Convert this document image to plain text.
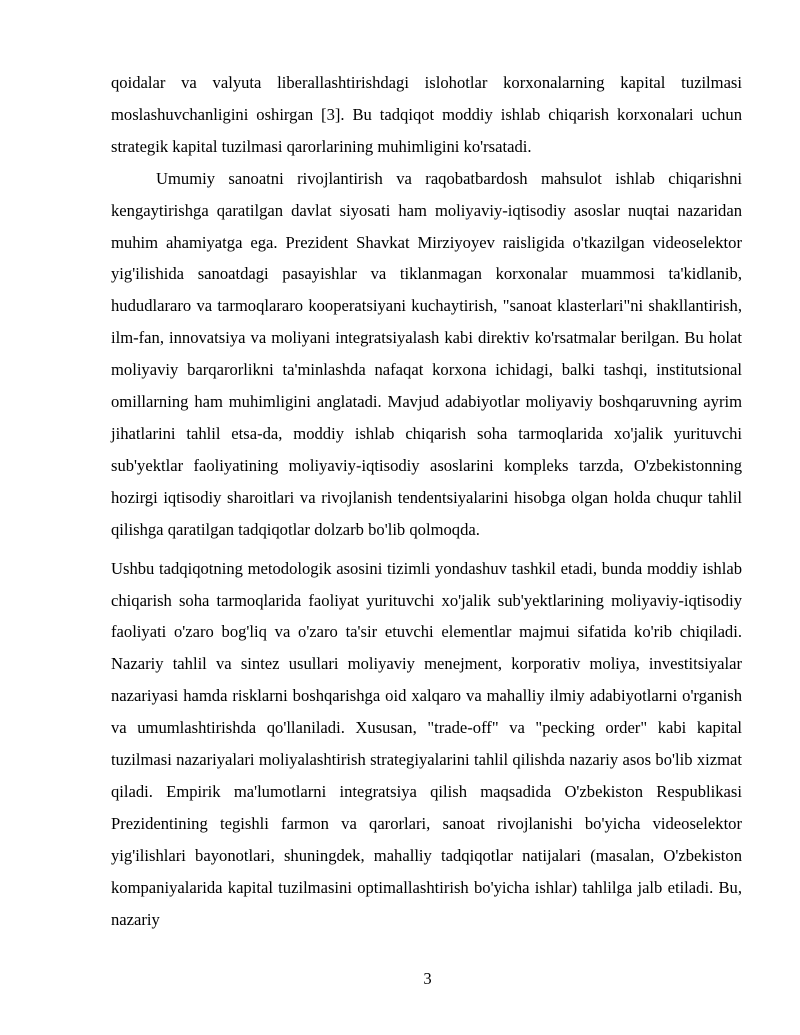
qoidalar va valyuta liberallashtirishdagi islohotlar korxonalarning kapital tuzilmasi moslashuvchanligini oshirgan [3]. Bu tadqiqot moddiy ishlab chiqarish korxonalari uchun strategik kapital tuzilmasi qarorlarining muhimligini ko'rsatadi.

Umumiy sanoatni rivojlantirish va raqobatbardosh mahsulot ishlab chiqarishni kengaytirishga qaratilgan davlat siyosati ham moliyaviy-iqtisodiy asoslar nuqtai nazaridan muhim ahamiyatga ega. Prezident Shavkat Mirziyoyev raisligida o'tkazilgan videoselektor yig'ilishida sanoatdagi pasayishlar va tiklanmagan korxonalar muammosi ta'kidlanib, hududlararo va tarmoqlararo kooperatsiyani kuchaytirish, "sanoat klasterlari"ni shakllantirish, ilm-fan, innovatsiya va moliyani integratsiyalash kabi direktiv ko'rsatmalar berilgan. Bu holat moliyaviy barqarorlikni ta'minlashda nafaqat korxona ichidagi, balki tashqi, institutsional omillarning ham muhimligini anglatadi. Mavjud adabiyotlar moliyaviy boshqaruvning ayrim jihatlarini tahlil etsa-da, moddiy ishlab chiqarish soha tarmoqlarida xo'jalik yurituvchi sub'yektlar faoliyatining moliyaviy-iqtisodiy asoslarini kompleks tarzda, O'zbekistonning hozirgi iqtisodiy sharoitlari va rivojlanish tendentsiyalarini hisobga olgan holda chuqur tahlil qilishga qaratilgan tadqiqotlar dolzarb bo'lib qolmoqda.

Ushbu tadqiqotning metodologik asosini tizimli yondashuv tashkil etadi, bunda moddiy ishlab chiqarish soha tarmoqlarida faoliyat yurituvchi xo'jalik sub'yektlarining moliyaviy-iqtisodiy faoliyati o'zaro bog'liq va o'zaro ta'sir etuvchi elementlar majmui sifatida ko'rib chiqiladi. Nazariy tahlil va sintez usullari moliyaviy menejment, korporativ moliya, investitsiyalar nazariyasi hamda risklarni boshqarishga oid xalqaro va mahalliy ilmiy adabiyotlarni o'rganish va umumlashtirishda qo'llaniladi. Xususan, "trade-off" va "pecking order" kabi kapital tuzilmasi nazariyalari moliyalashtirish strategiyalarini tahlil qilishda nazariy asos bo'lib xizmat qiladi. Empirik ma'lumotlarni integratsiya qilish maqsadida O'zbekiston Respublikasi Prezidentining tegishli farmon va qarorlari, sanoat rivojlanishi bo'yicha videoselektor yig'ilishlari bayonotlari, shuningdek, mahalliy tadqiqotlar natijalari (masalan, O'zbekiston kompaniyalarida kapital tuzilmasini optimallashtirish bo'yicha ishlar) tahlilga jalb etiladi. Bu, nazariy

3
